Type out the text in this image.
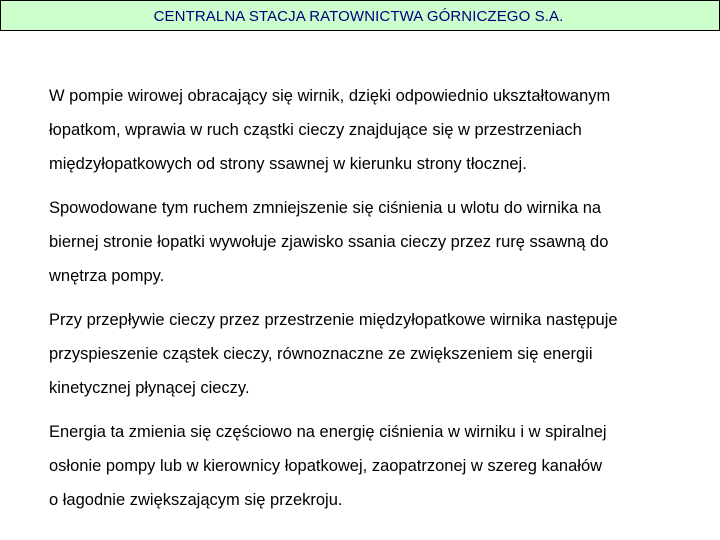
CENTRALNA STACJA RATOWNICTWA GÓRNICZEGO S.A.

W pompie wirowej obracający się wirnik, dzięki odpowiednio ukształtowanym
łopatkom, wprawia w ruch cząstki cieczy znajdujące się w przestrzeniach
międzyłopatkowych od strony ssawnej w kierunku strony tłocznej.

Spowodowane tym ruchem zmniejszenie się ciśnienia u wlotu do wirnika na
biernej stronie łopatki wywołuje zjawisko ssania cieczy przez rurę ssawną do
wnętrza pompy.

Przy przepływie cieczy przez przestrzenie międzyłopatkowe wirnika następuje
przyspieszenie cząstek cieczy, równoznaczne ze zwiększeniem się energii
kinetycznej płynącej cieczy.

Energia ta zmienia się częściowo na energię ciśnienia w wirniku i w spiralnej
osłonie pompy lub w kierownicy łopatkowej, zaopatrzonej w szereg kanałów
o łagodnie zwiększającym się przekroju.
